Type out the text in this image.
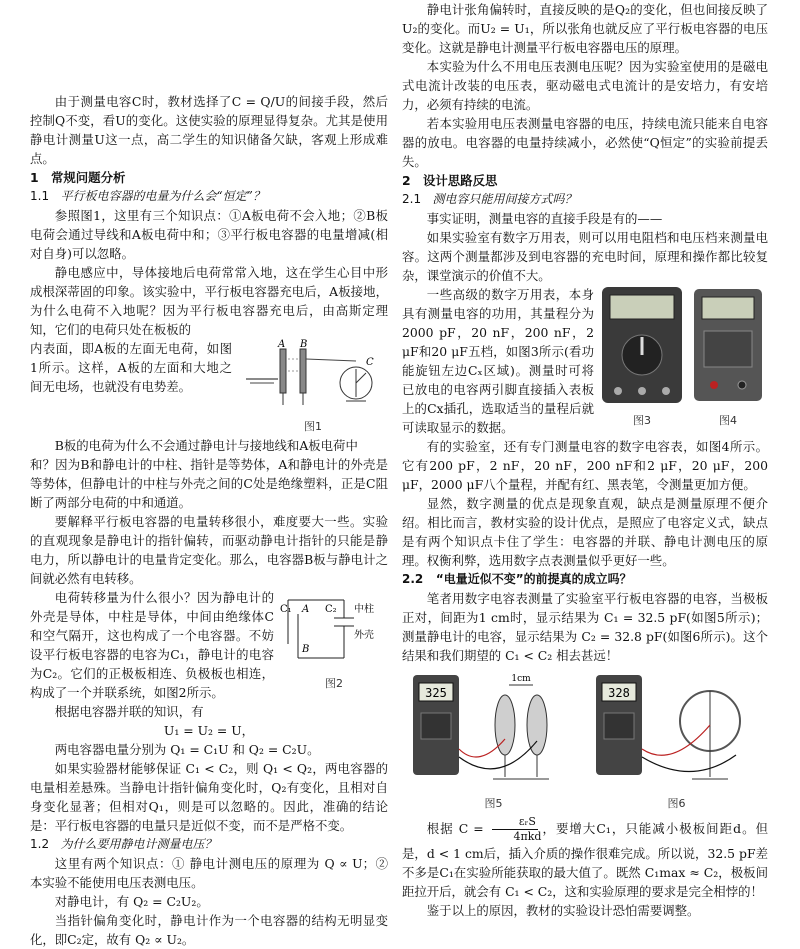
由于测量电容C时，教材选择了C = Q/U的间接手段，然后控制Q不变，看U的变化。这使实验的原理显得复杂。尤其是使用静电计测量U这一点，高二学生的知识储备欠缺，客观上形成难点。

1　常规问题分析
1.1 平行板电容器的电量为什么会“恒定”？

参照图1，这里有三个知识点：①A板电荷不会入地；②B板电荷会通过导线和A板电荷中和；③平行板电容器的电量增减(相对自身)可以忽略。

静电感应中，导体接地后电荷常常入地，这在学生心目中形成根深蒂固的印象。该实验中，平行板电容器充电后，A板接地，为什么电荷不入地呢？因为平行板电容器充电后，由高斯定理知，它们的电荷只处在板板的

内表面，即A板的左面无电荷，如图1所示。这样，A板的左面和大地之间无电场，也就没有电势差。

A B
C
图1

B板的电荷为什么不会通过静电计与接地线和A板电荷中

和？因为B和静电计的中柱、指针是等势体，A和静电计的外壳是等势体，但静电计的中柱与外壳之间的C处是绝缘塑料，正是C阻断了两部分电荷的中和通道。

要解释平行板电容器的电量转移很小，难度要大一些。实验的直观现象是静电计的指针偏转，而驱动静电计指针的只能是静电力，所以静电计的电量肯定变化。那么，电容器B板与静电计之间就必然有电转移。

电荷转移量为什么很小？因为静电计的外壳是导体，中柱是导体，中间由绝缘体C和空气隔开，这也构成了一个电容器。不妨设平行板电容器的电容为C₁，静电计的电容为C₂。它们的正极板相连、负极板也相连，构成了一个并联系统，如图2所示。

C₁ A
B
C₂ 中柱
外壳
图2

根据电容器并联的知识，有

U₁ = U₂ = U，

两电容器电量分别为 Q₁ = C₁U 和 Q₂ = C₂U。

如果实验器材能够保证 C₁ < C₂，则 Q₁ < Q₂，两电容器的电量相差悬殊。当静电计指针偏角变化时，Q₂有变化，且相对自身变化显著；但相对Q₁，则是可以忽略的。因此，准确的结论是：平行板电容器的电量只是近似不变，而不是严格不变。

1.2 为什么要用静电计测量电压？

这里有两个知识点：① 静电计测电压的原理为 Q ∝ U；② 本实验不能使用电压表测电压。

对静电计，有 Q₂ = C₂U₂。

当指针偏角变化时，静电计作为一个电容器的结构无明显变化，即C₂定，故有 Q₂ ∝ U₂。

静电计张角偏转时，直接反映的是Q₂的变化，但也间接反映了U₂的变化。而U₂ = U₁，所以张角也就反应了平行板电容器的电压变化。这就是静电计测量平行板电容器电压的原理。

本实验为什么不用电压表测电压呢？因为实验室使用的是磁电式电流计改装的电压表，驱动磁电式电流计的是安培力，有安培力，必须有持续的电流。

若本实验用电压表测量电容器的电压，持续电流只能来自电容器的放电。电容器的电量持续减小，必然使“Q恒定”的实验前提丢失。

2　设计思路反思
2.1 测电容只能用间接方式吗？

事实证明，测量电容的直接手段是有的——

如果实验室有数字万用表，则可以用电阻档和电压档来测量电容。这两个测量都涉及到电容器的充电时间，原理和操作都比较复杂，课堂演示的价值不大。

一些高级的数字万用表，本身具有测量电容的功用，其量程分为2000 pF，20 nF，200 nF，2 μF和20 μF五档，如图3所示(看功能旋钮左边Cₓ区域)。测量时可将已放电的电容两引脚直接插入表板上的Cx插孔，选取适当的量程后就可读取显示的数据。	图3	图4

有的实验室，还有专门测量电容的数字电容表，如图4所示。它有200 pF，2 nF，20 nF，200 nF和2 μF，20 μF，200 μF，2000 μF八个量程，并配有红、黑表笔，令测量更加方便。

显然，数字测量的优点是现象直观，缺点是测量原理不便介绍。相比而言，教材实验的设计优点，是照应了电容定义式，缺点是有两个知识点卡住了学生：电容器的并联、静电计测电压的原理。权衡利弊，选用数字点表测量似乎更好一些。

2.2 “电量近似不变”的前提真的成立吗？

笔者用数字电容表测量了实验室平行板电容器的电容，当极板正对，间距为1 cm时，显示结果为 C₁ = 32.5 pF(如图5所示)；测量静电计的电容，显示结果为 C₂ = 32.8 pF(如图6所示)。这个结果和我们期望的 C₁ < C₂ 相去甚远！

325
1cm
图5
328
图6

根据 $C = \frac{\text{εᵣS}}{\text{4πkd}}$ ，要增大C₁，只能减小极板间距d。但是，d < 1 cm后，插入介质的操作很难完成。所以说，32.5 pF差不多是C₁在实验所能获取的最大值了。既然 C₁max ≈ C₂，极板间距拉开后，就会有 C₁ < C₂，这和实验原理的要求是完全相悖的！

鉴于以上的原因，教材的实验设计恐怕需要调整。
